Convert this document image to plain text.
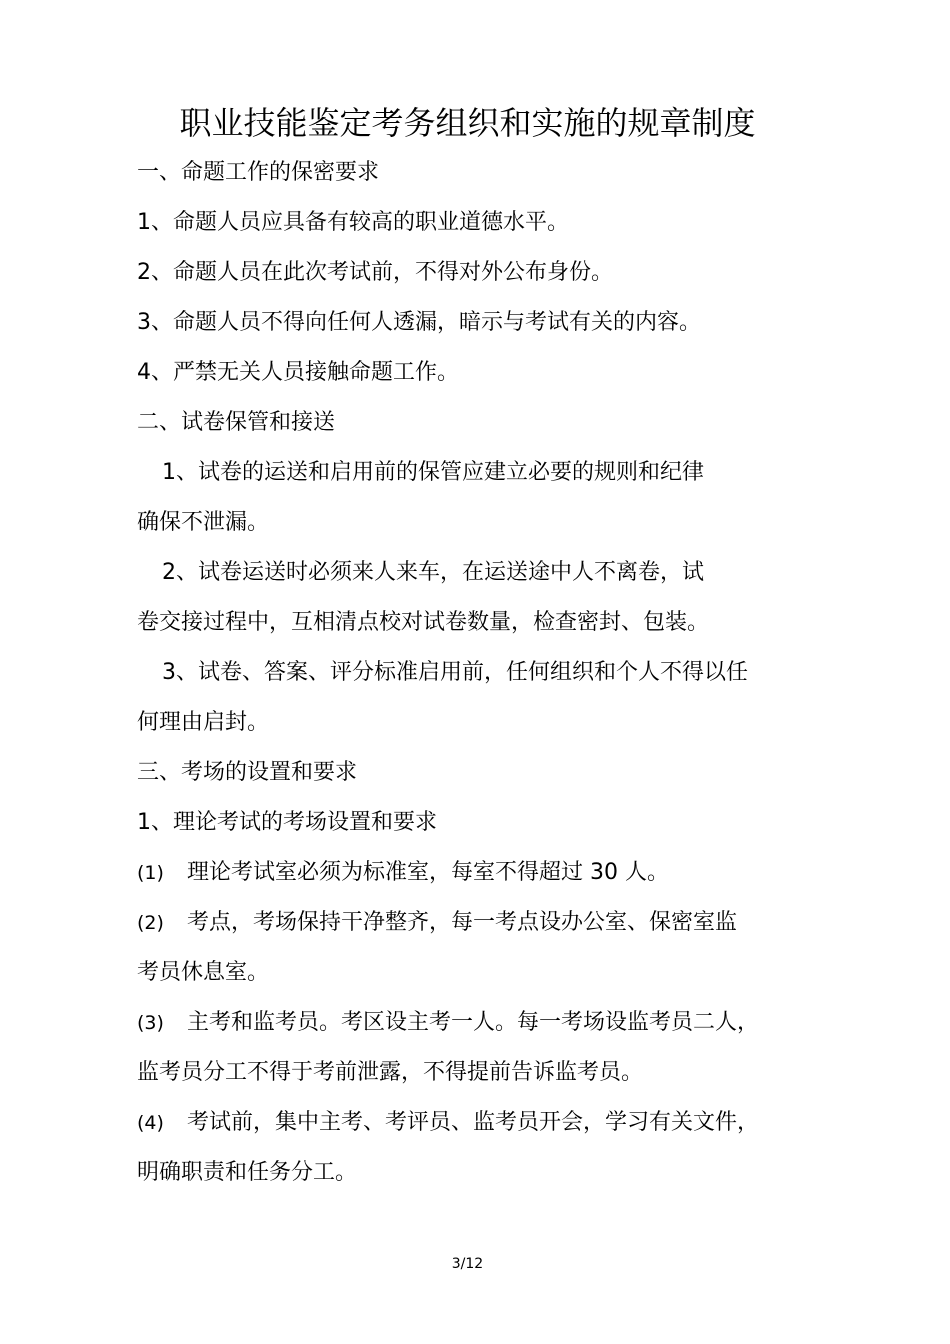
职业技能鉴定考务组织和实施的规章制度
一、命题工作的保密要求
1、命题人员应具备有较高的职业道德水平。
2、命题人员在此次考试前，不得对外公布身份。
3、命题人员不得向任何人透漏，暗示与考试有关的内容。
4、严禁无关人员接触命题工作。
二、试卷保管和接送
1、试卷的运送和启用前的保管应建立必要的规则和纪律
确保不泄漏。
2、试卷运送时必须来人来车，在运送途中人不离卷，试
卷交接过程中，互相清点校对试卷数量，检查密封、包装。
3、试卷、答案、评分标准启用前，任何组织和个人不得以任
何理由启封。
三、考场的设置和要求
1、理论考试的考场设置和要求
(1) 理论考试室必须为标准室，每室不得超过 30 人。
(2) 考点，考场保持干净整齐，每一考点设办公室、保密室监
考员休息室。
(3) 主考和监考员。考区设主考一人。每一考场设监考员二人，
监考员分工不得于考前泄露，不得提前告诉监考员。
(4) 考试前，集中主考、考评员、监考员开会，学习有关文件，
明确职责和任务分工。
3/12
